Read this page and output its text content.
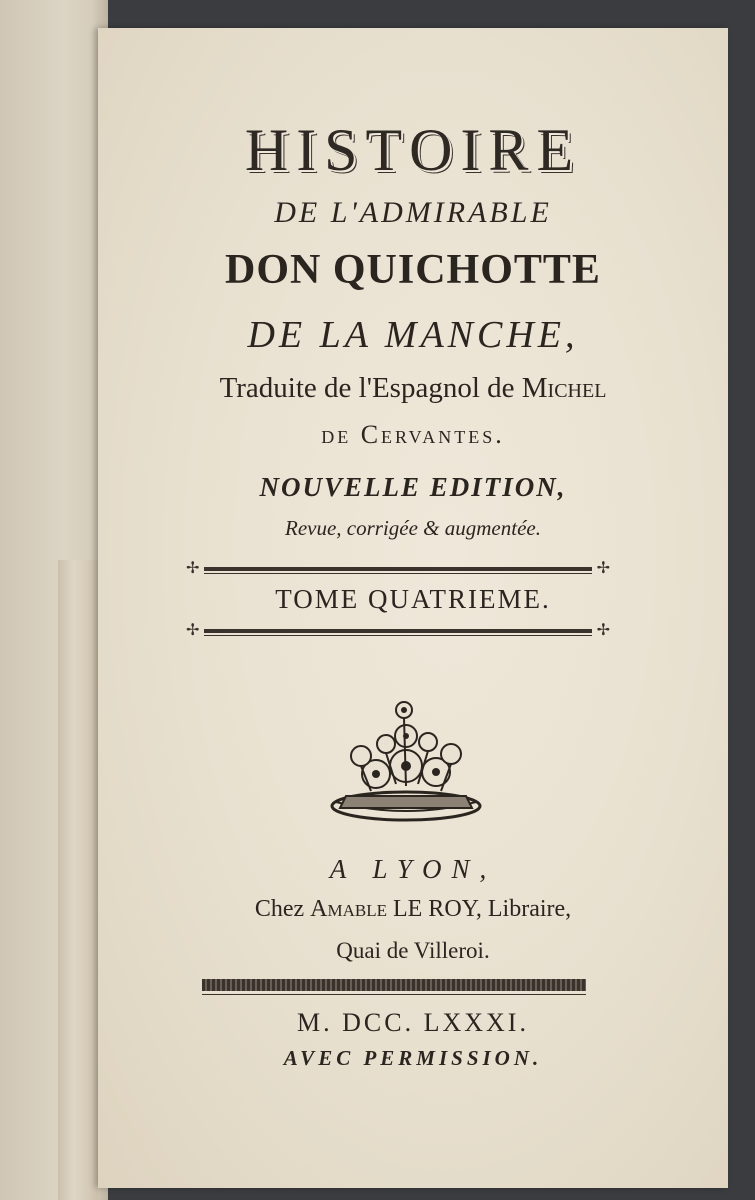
HISTOIRE
DE L'ADMIRABLE
DON QUICHOTTE
DE LA MANCHE,
Traduite de l'Espagnol de Michel
de Cervantes.
NOUVELLE EDITION,
Revue, corrigée & augmentée.
✢	✢
TOME QUATRIEME.
✢	✢
A LYON,
Chez Amable LE ROY, Libraire,
Quai de Villeroi.
M. DCC. LXXXI.
AVEC PERMISSION.
